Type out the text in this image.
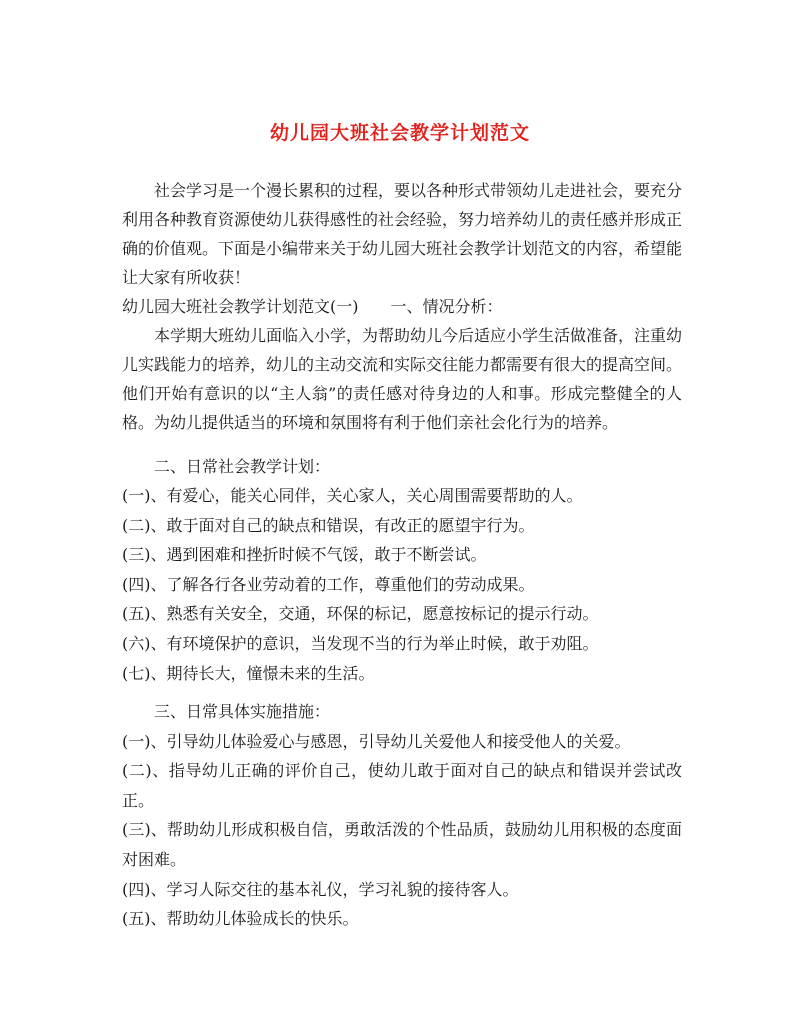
幼儿园大班社会教学计划范文

社会学习是一个漫长累积的过程，要以各种形式带领幼儿走进社会，要充分利用各种教育资源使幼儿获得感性的社会经验，努力培养幼儿的责任感并形成正确的价值观。下面是小编带来关于幼儿园大班社会教学计划范文的内容，希望能让大家有所收获！

幼儿园大班社会教学计划范文(一)　　一、情况分析：

本学期大班幼儿面临入小学，为帮助幼儿今后适应小学生活做准备，注重幼儿实践能力的培养，幼儿的主动交流和实际交往能力都需要有很大的提高空间。他们开始有意识的以“主人翁”的责任感对待身边的人和事。形成完整健全的人格。为幼儿提供适当的环境和氛围将有利于他们亲社会化行为的培养。

二、日常社会教学计划：

(一)、有爱心，能关心同伴，关心家人，关心周围需要帮助的人。

(二)、敢于面对自己的缺点和错误，有改正的愿望宇行为。

(三)、遇到困难和挫折时候不气馁，敢于不断尝试。

(四)、了解各行各业劳动着的工作，尊重他们的劳动成果。

(五)、熟悉有关安全，交通，环保的标记，愿意按标记的提示行动。

(六)、有环境保护的意识，当发现不当的行为举止时候，敢于劝阻。

(七)、期待长大，憧憬未来的生活。

三、日常具体实施措施：

(一)、引导幼儿体验爱心与感恩，引导幼儿关爱他人和接受他人的关爱。

(二)、指导幼儿正确的评价自己，使幼儿敢于面对自己的缺点和错误并尝试改正。

(三)、帮助幼儿形成积极自信，勇敢活泼的个性品质，鼓励幼儿用积极的态度面对困难。

(四)、学习人际交往的基本礼仪，学习礼貌的接待客人。

(五)、帮助幼儿体验成长的快乐。
